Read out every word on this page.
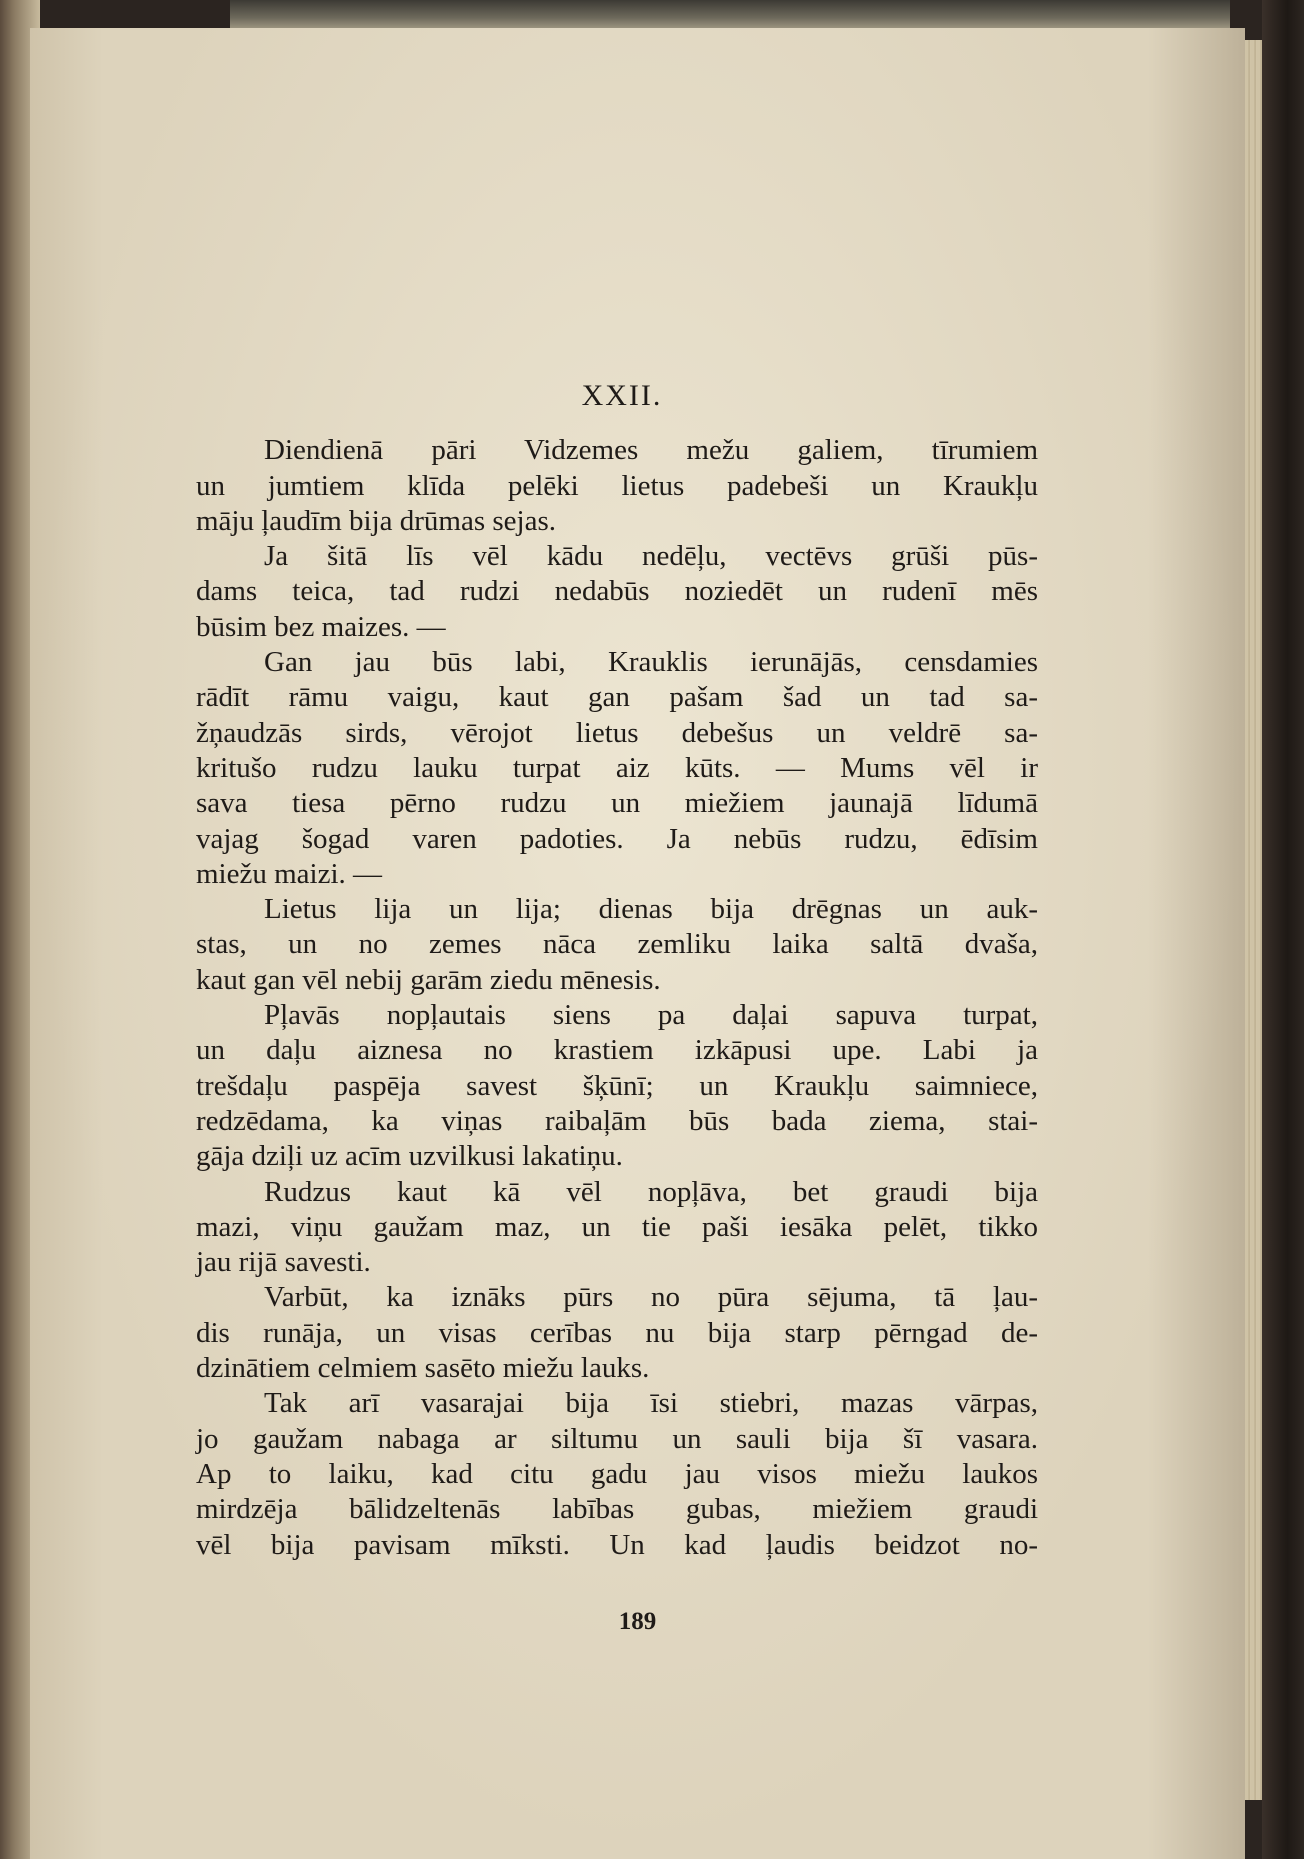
XXII.
Diendienā pāri Vidzemes mežu galiem, tīrumiem
un jumtiem klīda pelēki lietus padebeši un Kraukļu
māju ļaudīm bija drūmas sejas.
Ja šitā līs vēl kādu nedēļu, vectēvs grūši pūs-
dams teica, tad rudzi nedabūs noziedēt un rudenī mēs
būsim bez maizes. —
Gan jau būs labi, Krauklis ierunājās, censdamies
rādīt rāmu vaigu, kaut gan pašam šad un tad sa-
žņaudzās sirds, vērojot lietus debešus un veldrē sa-
kritušo rudzu lauku turpat aiz kūts. — Mums vēl ir
sava tiesa pērno rudzu un miežiem jaunajā līdumā
vajag šogad varen padoties. Ja nebūs rudzu, ēdīsim
miežu maizi. —
Lietus lija un lija; dienas bija drēgnas un auk-
stas, un no zemes nāca zemliku laika saltā dvaša,
kaut gan vēl nebij garām ziedu mēnesis.
Pļavās nopļautais siens pa daļai sapuva turpat,
un daļu aiznesa no krastiem izkāpusi upe. Labi ja
trešdaļu paspēja savest šķūnī; un Kraukļu saimniece,
redzēdama, ka viņas raibaļām būs bada ziema, stai-
gāja dziļi uz acīm uzvilkusi lakatiņu.
Rudzus kaut kā vēl nopļāva, bet graudi bija
mazi, viņu gaužam maz, un tie paši iesāka pelēt, tikko
jau rijā savesti.
Varbūt, ka iznāks pūrs no pūra sējuma, tā ļau-
dis runāja, un visas cerības nu bija starp pērngad de-
dzinātiem celmiem sasēto miežu lauks.
Tak arī vasarajai bija īsi stiebri, mazas vārpas,
jo gaužam nabaga ar siltumu un sauli bija šī vasara.
Ap to laiku, kad citu gadu jau visos miežu laukos
mirdzēja bālidzeltenās labības gubas, miežiem graudi
vēl bija pavisam mīksti. Un kad ļaudis beidzot no-
189
